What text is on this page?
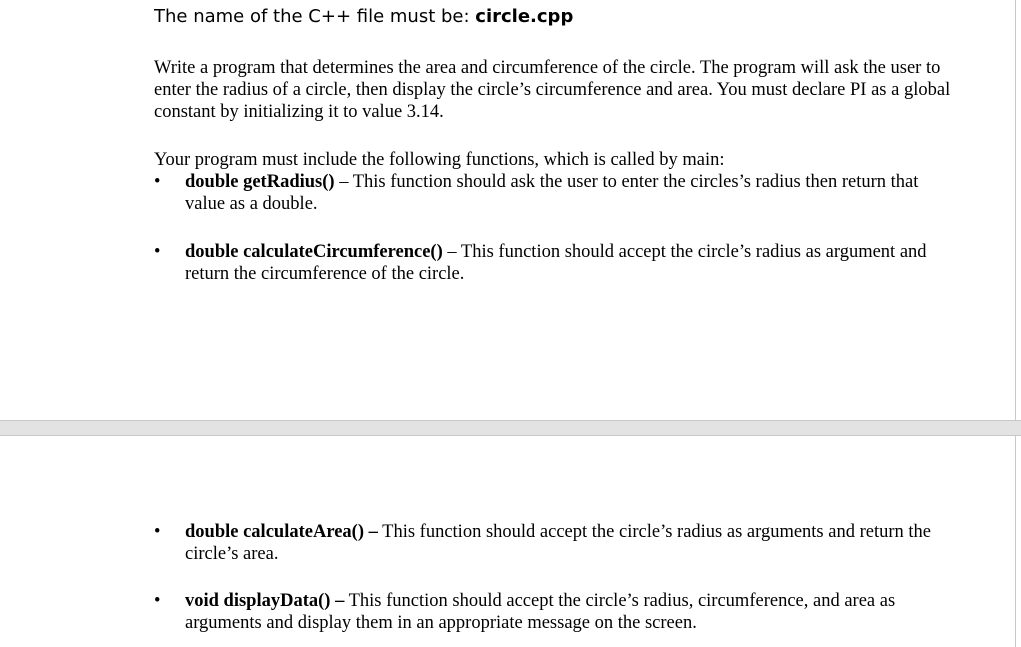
The name of the C++ file must be: circle.cpp
Write a program that determines the area and circumference of the circle. The program will ask the user to enter the radius of a circle, then display the circle’s circumference and area. You must declare PI as a global constant by initializing it to value 3.14.
Your program must include the following functions, which is called by main:
•	double getRadius() – This function should ask the user to enter the circles’s radius then return that value as a double.
•	double calculateCircumference() – This function should accept the circle’s radius as argument and return the circumference of the circle.
•	double calculateArea() – This function should accept the circle’s radius as arguments and return the circle’s area.
•	void displayData() – This function should accept the circle’s radius, circumference, and area as arguments and display them in an appropriate message on the screen.
